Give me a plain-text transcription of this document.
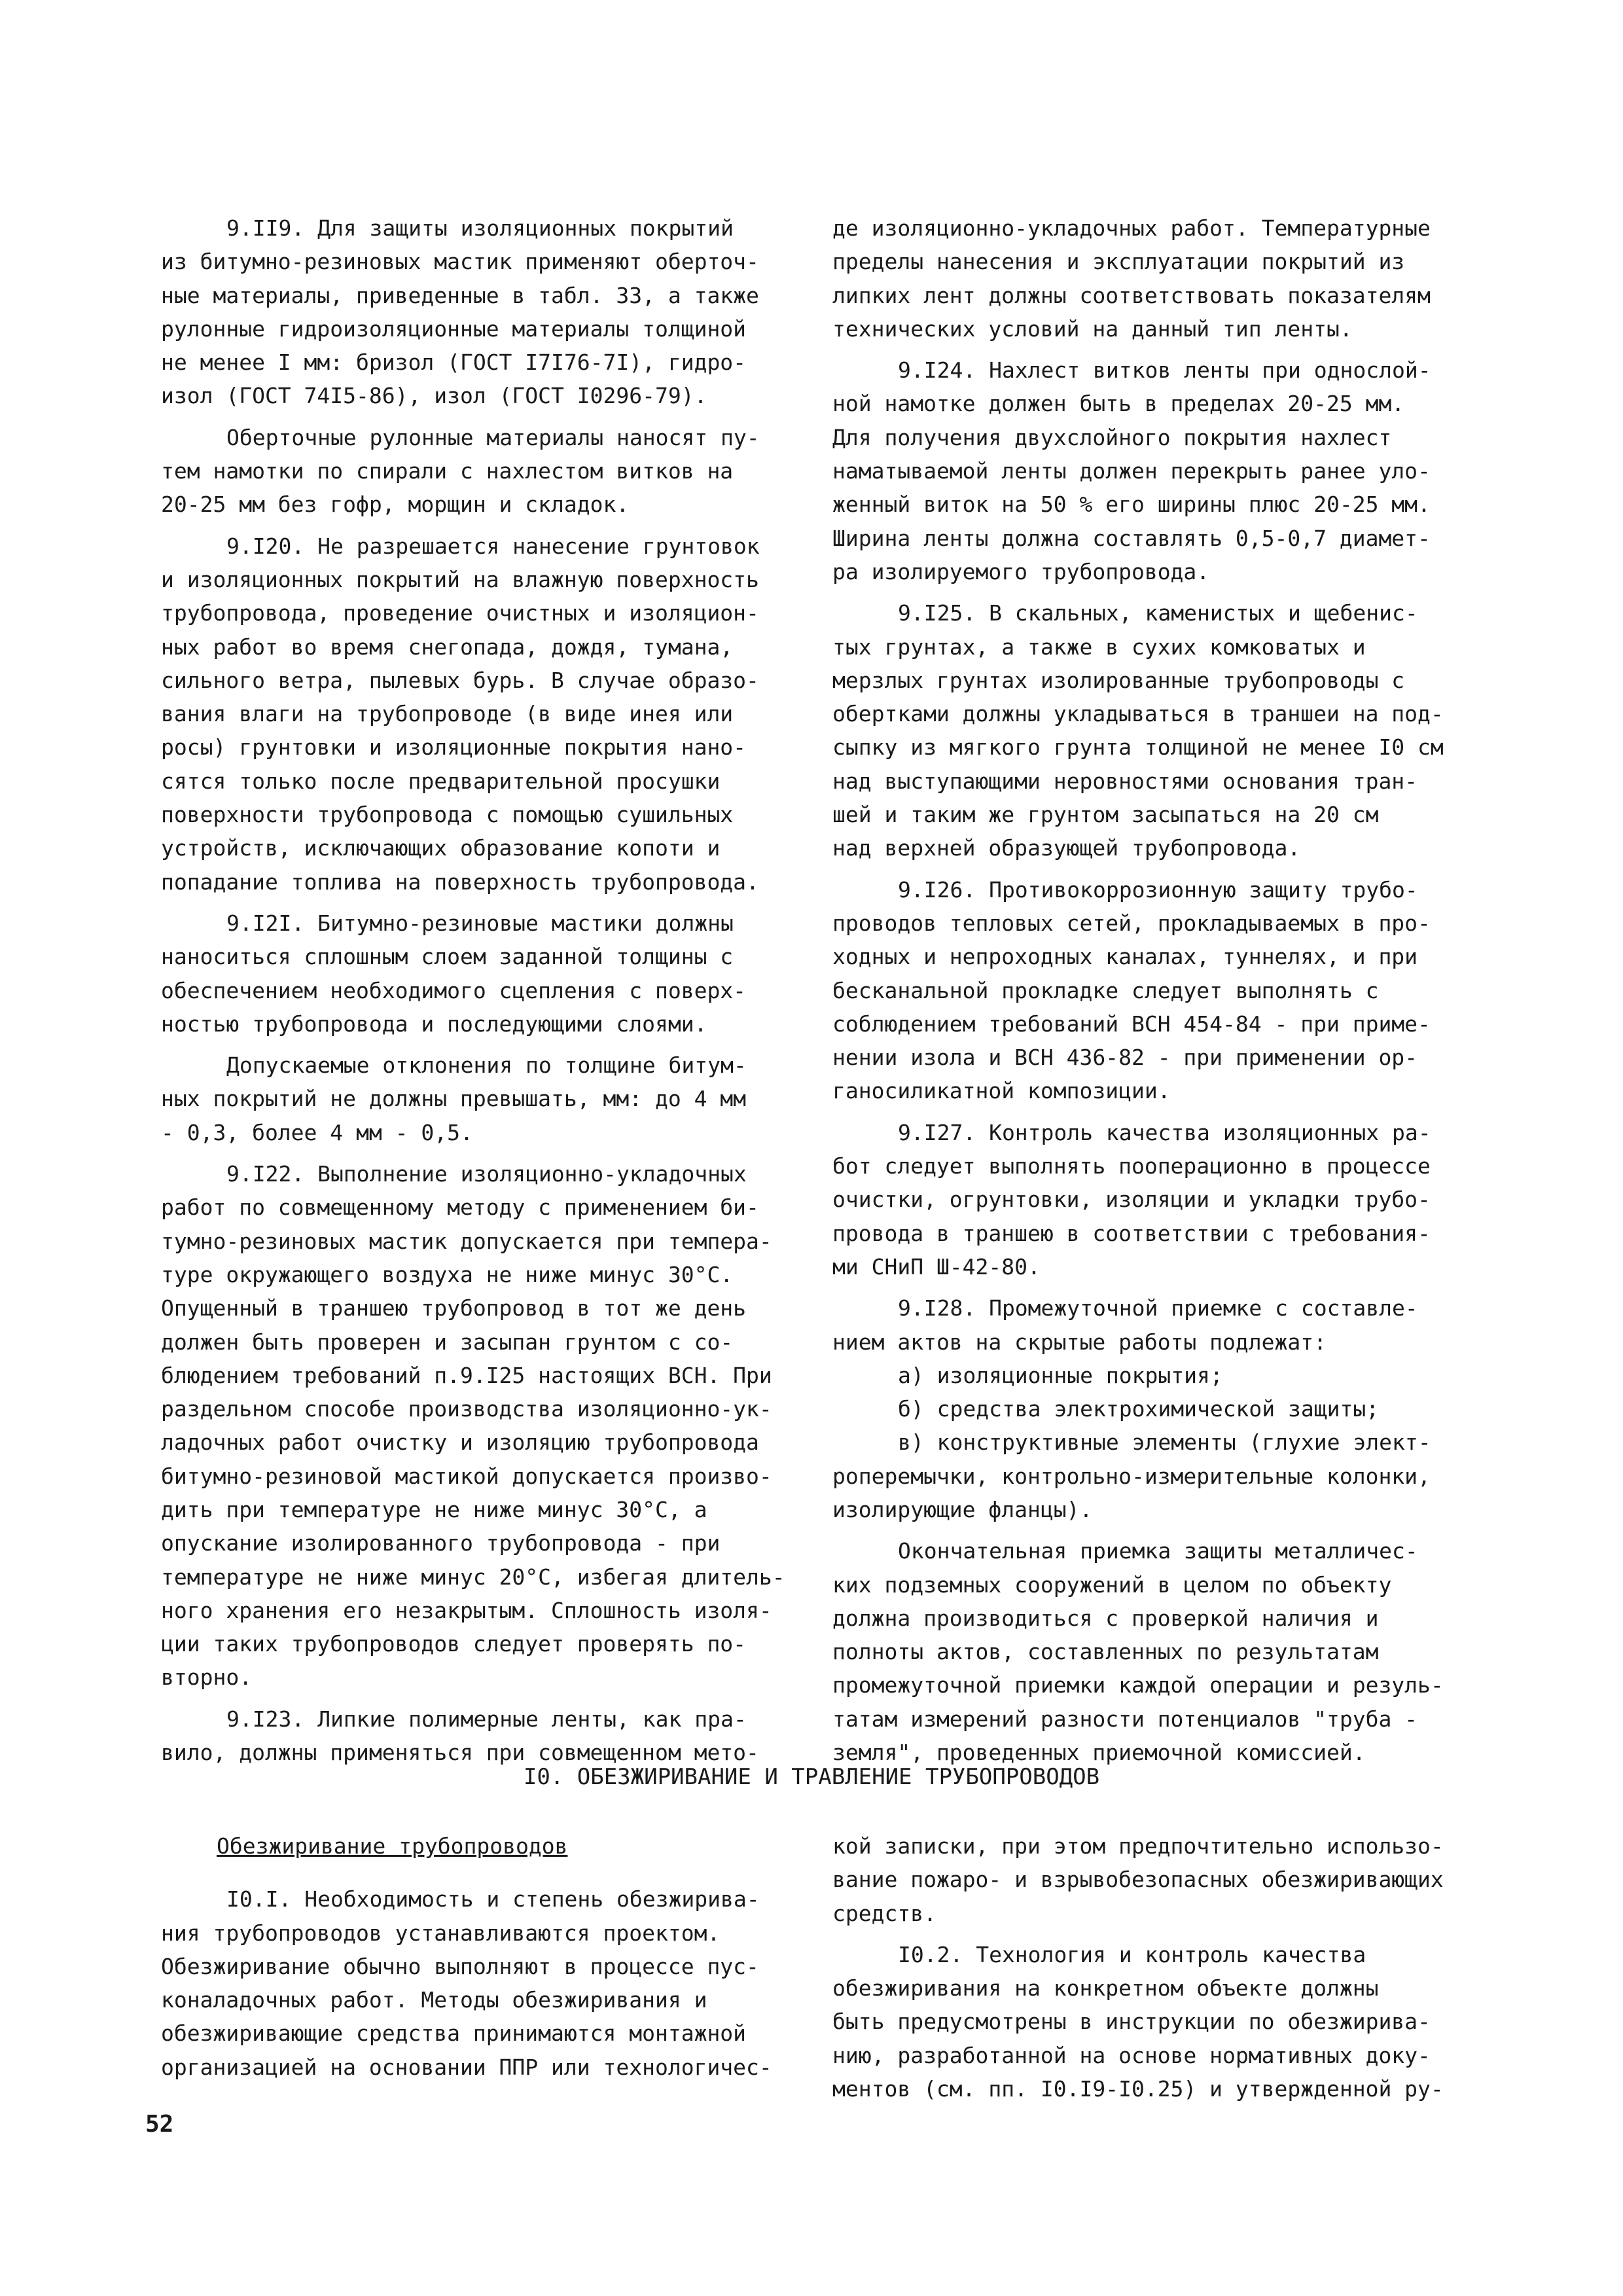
9.II9. Для защиты изоляционных покрытий

из битумно-резиновых мастик применяют оберточ-

ные материалы, приведенные в табл. 33, а также

рулонные гидроизоляционные материалы толщиной

не менее I мм: бризол (ГОСТ I7I76-7I), гидро-

изол (ГОСТ 74I5-86), изол (ГОСТ I0296-79).

Оберточные рулонные материалы наносят пу-

тем намотки по спирали с нахлестом витков на

20-25 мм без гофр, морщин и складок.

9.I20. Не разрешается нанесение грунтовок

и изоляционных покрытий на влажную поверхность

трубопровода, проведение очистных и изоляцион-

ных работ во время снегопада, дождя, тумана,

сильного ветра, пылевых бурь. В случае образо-

вания влаги на трубопроводе (в виде инея или

росы) грунтовки и изоляционные покрытия нано-

сятся только после предварительной просушки

поверхности трубопровода с помощью сушильных

устройств, исключающих образование копоти и

попадание топлива на поверхность трубопровода.

9.I2I. Битумно-резиновые мастики должны

наноситься сплошным слоем заданной толщины с

обеспечением необходимого сцепления с поверх-

ностью трубопровода и последующими слоями.

Допускаемые отклонения по толщине битум-

ных покрытий не должны превышать, мм: до 4 мм

- 0,3, более 4 мм - 0,5.

9.I22. Выполнение изоляционно-укладочных

работ по совмещенному методу с применением би-

тумно-резиновых мастик допускается при темпера-

туре окружающего воздуха не ниже минус 30°С.

Опущенный в траншею трубопровод в тот же день

должен быть проверен и засыпан грунтом с со-

блюдением требований п.9.I25 настоящих ВСН. При

раздельном способе производства изоляционно-ук-

ладочных работ очистку и изоляцию трубопровода

битумно-резиновой мастикой допускается произво-

дить при температуре не ниже минус 30°С, а

опускание изолированного трубопровода - при

температуре не ниже минус 20°С, избегая длитель-

ного хранения его незакрытым. Сплошность изоля-

ции таких трубопроводов следует проверять по-

вторно.

9.I23. Липкие полимерные ленты, как пра-

вило, должны применяться при совмещенном мето-

де изоляционно-укладочных работ. Температурные

пределы нанесения и эксплуатации покрытий из

липких лент должны соответствовать показателям

технических условий на данный тип ленты.

9.I24. Нахлест витков ленты при однослой-

ной намотке должен быть в пределах 20-25 мм.

Для получения двухслойного покрытия нахлест

наматываемой ленты должен перекрыть ранее уло-

женный виток на 50 % его ширины плюс 20-25 мм.

Ширина ленты должна составлять 0,5-0,7 диамет-

ра изолируемого трубопровода.

9.I25. В скальных, каменистых и щебенис-

тых грунтах, а также в сухих комковатых и

мерзлых грунтах изолированные трубопроводы с

обертками должны укладываться в траншеи на под-

сыпку из мягкого грунта толщиной не менее I0 см

над выступающими неровностями основания тран-

шей и таким же грунтом засыпаться на 20 см

над верхней образующей трубопровода.

9.I26. Противокоррозионную защиту трубо-

проводов тепловых сетей, прокладываемых в про-

ходных и непроходных каналах, туннелях, и при

бесканальной прокладке следует выполнять с

соблюдением требований ВСН 454-84 - при приме-

нении изола и ВСН 436-82 - при применении ор-

ганосиликатной композиции.

9.I27. Контроль качества изоляционных ра-

бот следует выполнять пооперационно в процессе

очистки, огрунтовки, изоляции и укладки трубо-

провода в траншею в соответствии с требования-

ми СНиП Ш-42-80.

9.I28. Промежуточной приемке с составле-

нием актов на скрытые работы подлежат:

а) изоляционные покрытия;

б) средства электрохимической защиты;

в) конструктивные элементы (глухие элект-

роперемычки, контрольно-измерительные колонки,

изолирующие фланцы).

Окончательная приемка защиты металличес-

ких подземных сооружений в целом по объекту

должна производиться с проверкой наличия и

полноты актов, составленных по результатам

промежуточной приемки каждой операции и резуль-

татам измерений разности потенциалов "труба -

земля", проведенных приемочной комиссией.

I0. ОБЕЗЖИРИВАНИЕ И ТРАВЛЕНИЕ ТРУБОПРОВОДОВ

Обезжиривание трубопроводов

I0.I. Необходимость и степень обезжирива-

ния трубопроводов устанавливаются проектом.

Обезжиривание обычно выполняют в процессе пус-

коналадочных работ. Методы обезжиривания и

обезжиривающие средства принимаются монтажной

организацией на основании ППР или технологичес-

кой записки, при этом предпочтительно использо-

вание пожаро- и взрывобезопасных обезжиривающих

средств.

I0.2. Технология и контроль качества

обезжиривания на конкретном объекте должны

быть предусмотрены в инструкции по обезжирива-

нию, разработанной на основе нормативных доку-

ментов (см. пп. I0.I9-I0.25) и утвержденной ру-

52
